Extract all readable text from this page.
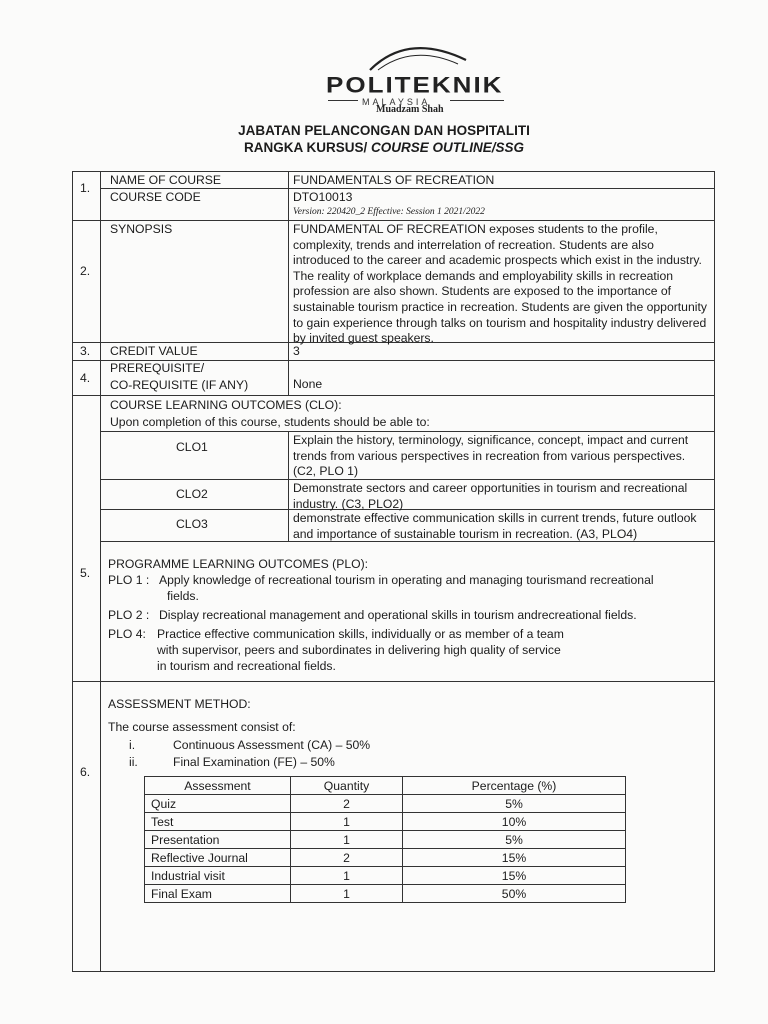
POLITEKNIK
MALAYSIA
Muadzam Shah
JABATAN PELANCONGAN DAN HOSPITALITI
RANGKA KURSUS/ COURSE OUTLINE/SSG
1.
NAME OF COURSE	FUNDAMENTALS OF RECREATION
COURSE CODE	DTO10013
Version: 220420_2 Effective: Session 1 2021/2022
2.
SYNOPSIS	FUNDAMENTAL OF RECREATION exposes students to the profile, complexity, trends and interrelation of recreation. Students are also introduced to the career and academic prospects which exist in the industry. The reality of workplace demands and employability skills in recreation profession are also shown. Students are exposed to the importance of sustainable tourism practice in recreation. Students are given the opportunity to gain experience through talks on tourism and hospitality industry delivered by invited guest speakers.
3. CREDIT VALUE	3
4.
PREREQUISITE/
CO-REQUISITE (IF ANY)	None
5.
COURSE LEARNING OUTCOMES (CLO):
Upon completion of this course, students should be able to:
CLO1	Explain the history, terminology, significance, concept, impact and current trends from various perspectives in recreation from various perspectives. (C2, PLO 1)
CLO2	Demonstrate sectors and career opportunities in tourism and recreational industry. (C3, PLO2)
CLO3	demonstrate effective communication skills in current trends, future outlook and importance of sustainable tourism in recreation. (A3, PLO4)
PROGRAMME LEARNING OUTCOMES (PLO):
PLO 1 : Apply knowledge of recreational tourism in operating and managing tourismand recreational
fields.
PLO 2 : Display recreational management and operational skills in tourism andrecreational fields.
PLO 4: Practice effective communication skills, individually or as member of a team
with supervisor, peers and subordinates in delivering high quality of service
in tourism and recreational fields.
6.
ASSESSMENT METHOD:
The course assessment consist of:
i.	Continuous Assessment (CA) – 50%
ii.	Final Examination (FE) – 50%
Assessment	Quantity	Percentage (%)
Quiz	2	5%
Test	1	10%
Presentation	1	5%
Reflective Journal	2	15%
Industrial visit	1	15%
Final Exam	1	50%
